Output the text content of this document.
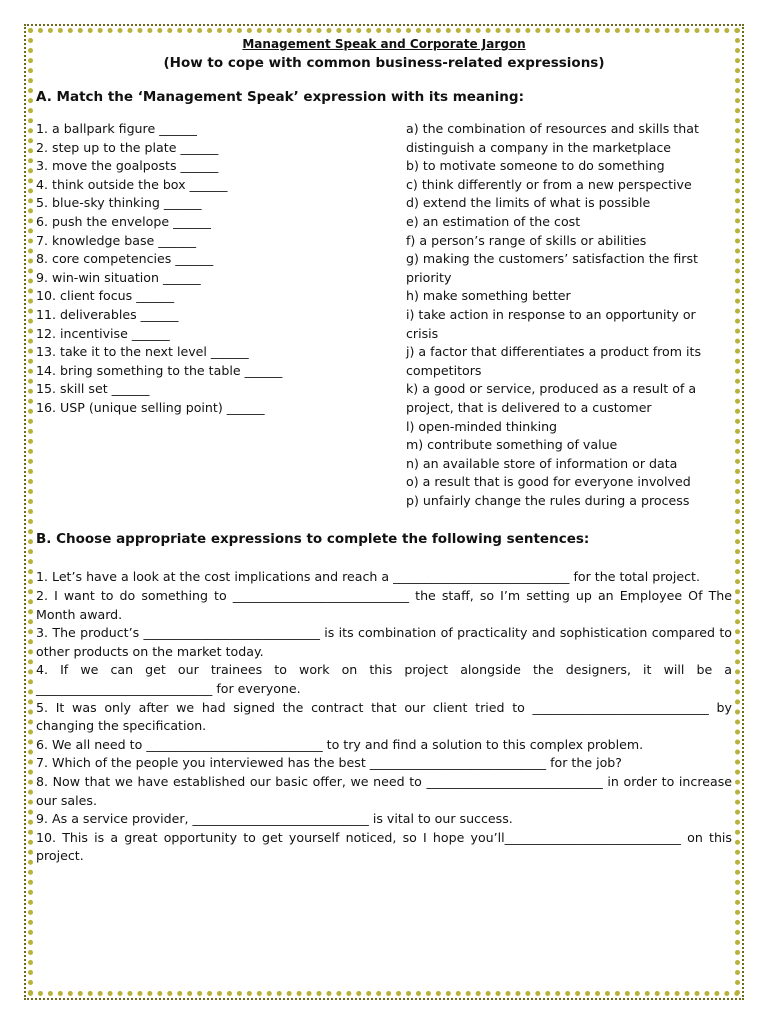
Management Speak and Corporate Jargon

(How to cope with common business-related expressions)

A. Match the ‘Management Speak’ expression with its meaning:

1. a ballpark figure ______

2. step up to the plate ______

3. move the goalposts ______

4. think outside the box ______

5. blue-sky thinking ______

6. push the envelope ______

7. knowledge base ______

8. core competencies ______

9. win-win situation ______

10. client focus ______

11. deliverables ______

12. incentivise ______

13. take it to the next level ______

14. bring something to the table ______

15. skill set ______

16. USP (unique selling point) ______

a) the combination of resources and skills that distinguish a company in the marketplace

b) to motivate someone to do something

c) think differently or from a new perspective

d) extend the limits of what is possible

e) an estimation of the cost

f) a person’s range of skills or abilities

g) making the customers’ satisfaction the first priority

h) make something better

i) take action in response to an opportunity or crisis

j) a factor that differentiates a product from its competitors

k) a good or service, produced as a result of a project, that is delivered to a customer

l) open-minded thinking

m) contribute something of value

n) an available store of information or data

o) a result that is good for everyone involved

p) unfairly change the rules during a process

B. Choose appropriate expressions to complete the following sentences:

1. Let’s have a look at the cost implications and reach a ____________________________ for the total project.

2. I want to do something to ____________________________ the staff, so I’m setting up an Employee Of The Month award.

3. The product’s ____________________________ is its combination of practicality and sophistication compared to other products on the market today.

4. If we can get our trainees to work on this project alongside the designers, it will be a ____________________________ for everyone.

5. It was only after we had signed the contract that our client tried to ____________________________ by changing the specification.

6. We all need to ____________________________ to try and find a solution to this complex problem.

7. Which of the people you interviewed has the best ____________________________ for the job?

8. Now that we have established our basic offer, we need to ____________________________ in order to increase our sales.

9. As a service provider, ____________________________ is vital to our success.

10. This is a great opportunity to get yourself noticed, so I hope you’ll____________________________ on this project.
